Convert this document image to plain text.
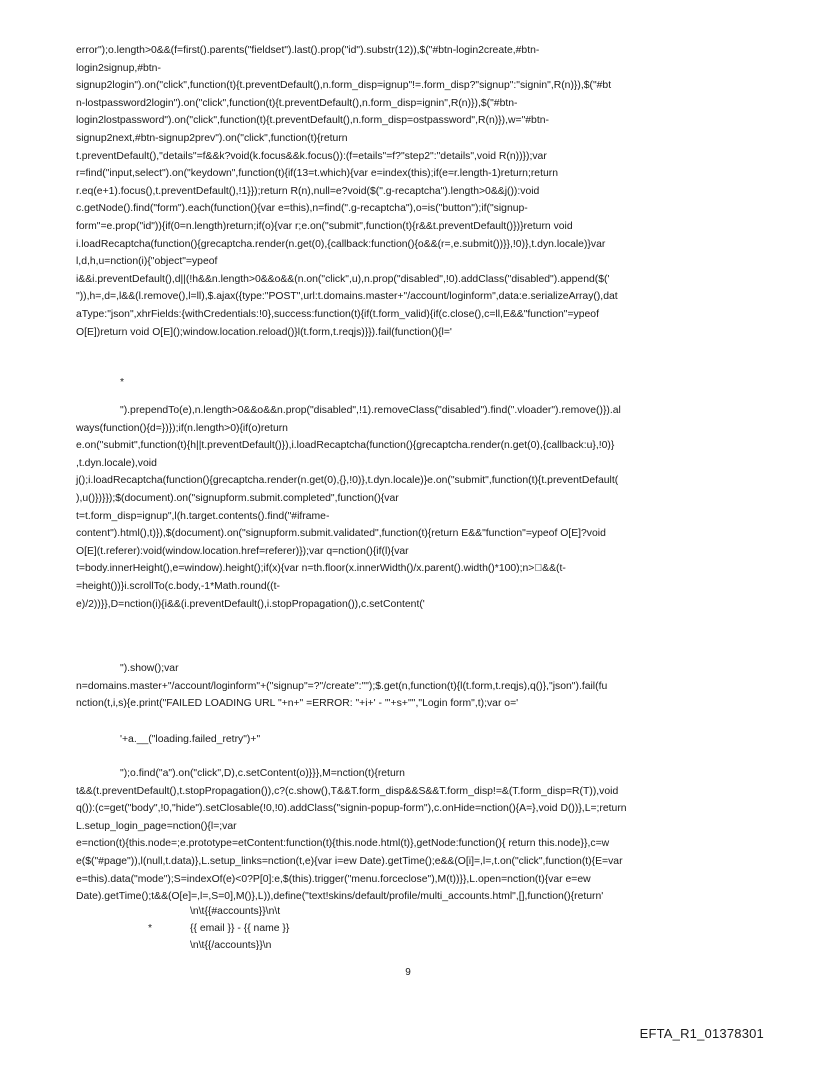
error");o.length>0&&(f=first().parents("fieldset").last().prop("id").substr(12)),$("#btn-login2create,#btn-
login2signup,#btn-
signup2login").on("click",function(t){t.preventDefault(),n.form_disp=ignup"!=.form_disp?"signup":"signin",R(n)}),$("#bt
n-lostpassword2login").on("click",function(t){t.preventDefault(),n.form_disp=ignin",R(n)}),$("#btn-
login2lostpassword").on("click",function(t){t.preventDefault(),n.form_disp=ostpassword",R(n)}),w="#btn-
signup2next,#btn-signup2prev").on("click",function(t){return
t.preventDefault(),"details"=f&&k?void(k.focus&&k.focus()):(f=etails"=f?"step2":"details",void R(n))});var
r=find("input,select").on("keydown",function(t){if(13=t.which){var e=index(this);if(e=r.length-1)return;return
r.eq(e+1).focus(),t.preventDefault(),!1}});return R(n),null=e?void($(".g-recaptcha").length>0&&j()):void
c.getNode().find("form").each(function(){var e=this),n=find(".g-recaptcha"),o=is("button");if("signup-
form"=e.prop("id")){if(0=n.length)return;if(o){var r;e.on("submit",function(t){r&&t.preventDefault()})}return void
i.loadRecaptcha(function(){grecaptcha.render(n.get(0),{callback:function(){o&&(r=,e.submit())}},!0)},t.dyn.locale)}var
l,d,h,u=nction(i){"object"=ypeof
i&&i.preventDefault(),d||(!h&&n.length>0&&o&&(n.on("click",u),n.prop("disabled",!0).addClass("disabled").append($('
")),h=,d=,l&&(l.remove(),l=ll),$.ajax({type:"POST",url:t.domains.master+"/account/loginform",data:e.serializeArray(),dat
aType:"json",xhrFields:{withCredentials:!0},success:function(t){if(t.form_valid){if(c.close(),c=ll,E&&"function"=ypeof
O[E])return void O[E]();window.location.reload()}l(t.form,t.reqjs)}}).fail(function(){l='

*

").prependTo(e),n.length>0&&o&&n.prop("disabled",!1).removeClass("disabled").find(".vloader").remove()}).al
ways(function(){d=})});if(n.length>0){if(o)return
e.on("submit",function(t){h||t.preventDefault()}),i.loadRecaptcha(function(){grecaptcha.render(n.get(0),{callback:u},!0)}
,t.dyn.locale),void
j();i.loadRecaptcha(function(){grecaptcha.render(n.get(0),{},!0)},t.dyn.locale)}e.on("submit",function(t){t.preventDefault(
),u()})}});$(document).on("signupform.submit.completed",function(){var
t=t.form_disp=ignup",l(h.target.contents().find("#iframe-
content").html(),t)}),$(document).on("signupform.submit.validated",function(t){return E&&"function"=ypeof O[E]?void
O[E](t.referer):void(window.location.href=referer)});var q=nction(){if(l){var
t=body.innerHeight(),e=window).height();if(x){var n=th.floor(x.innerWidth()/x.parent().width()*100);n> &&(t-
=height())}i.scrollTo(c.body,-1*Math.round((t-
e)/2))}},D=nction(i){i&&(i.preventDefault(),i.stopPropagation()),c.setContent('

").show();var
n=domains.master+"/account/loginform"+("signup"=?"/create":"");$.get(n,function(t){l(t.form,t.reqjs),q()},"json").fail(fu
nction(t,i,s){e.print("FAILED LOADING URL "+n+" =ERROR: "+i+' - "'+s+'"',"Login form",t);var o='

'+a.__("loading.failed_retry")+"

");o.find("a").on("click",D),c.setContent(o)}}},M=nction(t){return
t&&(t.preventDefault(),t.stopPropagation()),c?(c.show(),T&&T.form_disp&&S&&T.form_disp!=&(T.form_disp=R(T)),void
q()):(c=get("body",!0,"hide").setClosable(!0,!0).addClass("signin-popup-form"),c.onHide=nction(){A=},void D())},L=;return
L.setup_login_page=nction(){l=;var
e=nction(t){this.node=;e.prototype=etContent:function(t){this.node.html(t)},getNode:function(){ return this.node}},c=w
e($("#page")),l(null,t.data)},L.setup_links=nction(t,e){var i=ew Date).getTime();e&&(O[i]=,l=,t.on("click",function(t){E=var
e=this).data("mode");S=indexOf(e)<0?P[0]:e,$(this).trigger("menu.forceclose"),M(t))}},L.open=nction(t){var e=ew
Date).getTime();t&&(O[e]=,l=,S=0],M()},L)),define("text!skins/default/profile/multi_accounts.html",[],function(){return'

\n\t{{#accounts}}\n\t
*	{{ email }} - {{ name }}
\n\t{{/accounts}}\n
9
EFTA_R1_01378301
